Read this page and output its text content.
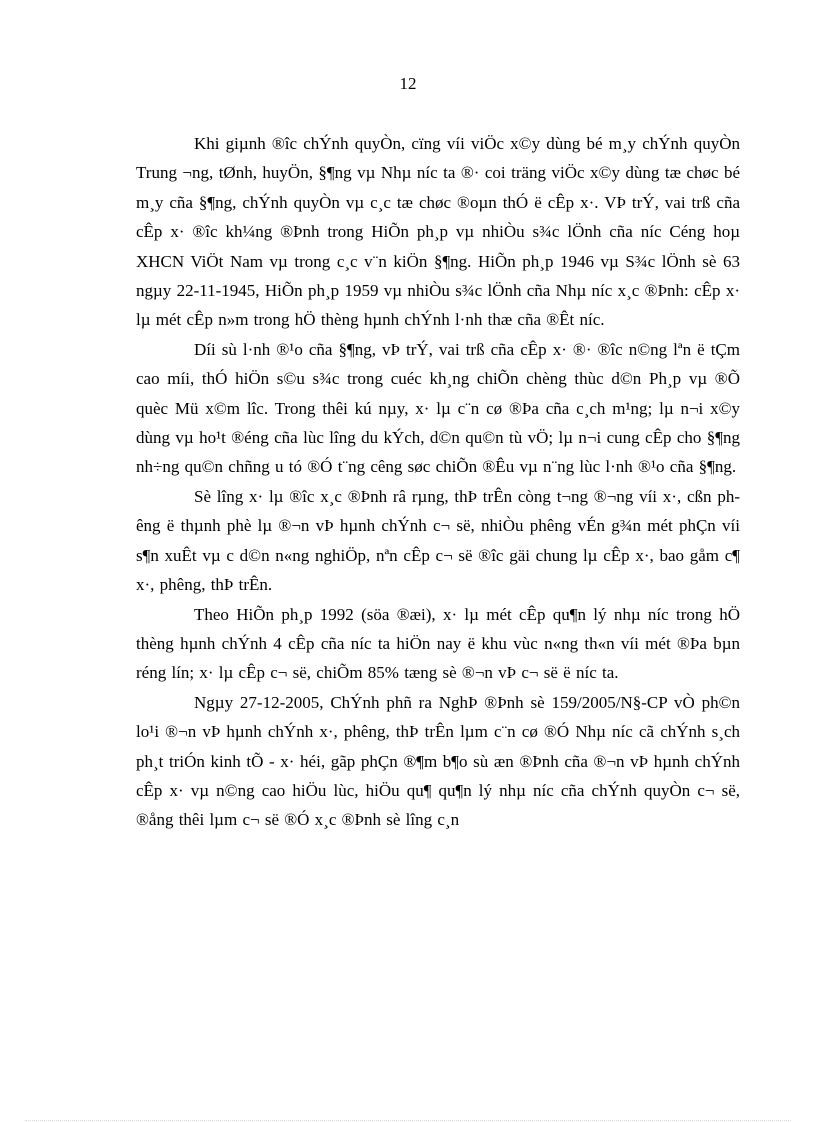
12

Khi giµnh ®îc chÝnh quyÒn, cïng víi viÖc x©y dùng bé m¸y chÝnh quyÒn Trung ¬ng, tØnh, huyÖn, §¶ng vµ Nhµ níc ta ®· coi träng viÖc x©y dùng tæ chøc bé m¸y cña §¶ng, chÝnh quyÒn vµ c¸c tæ chøc ®oµn thÓ ë cÊp x·. VÞ trÝ, vai trß cña cÊp x· ®îc kh¼ng ®Þnh trong HiÕn ph¸p vµ nhiÒu s¾c lÖnh cña níc Céng hoµ XHCN ViÖt Nam vµ trong c¸c v¨n kiÖn §¶ng. HiÕn ph¸p 1946 vµ S¾c lÖnh sè 63 ngµy 22-11-1945, HiÕn ph¸p 1959 vµ nhiÒu s¾c lÖnh cña Nhµ níc x¸c ®Þnh: cÊp x· lµ mét cÊp n»m trong hÖ thèng hµnh chÝnh l·nh thæ cña ®Êt níc.

Díi sù l·nh ®¹o cña §¶ng, vÞ trÝ, vai trß cña cÊp x· ®· ®îc n©ng lªn ë tÇm cao míi, thÓ hiÖn s©u s¾c trong cuéc kh¸ng chiÕn chèng thùc d©n Ph¸p vµ ®Õ quèc Mü x©m lîc. Trong thêi kú nµy, x· lµ c¨n cø ®Þa cña c¸ch m¹ng; lµ n¬i x©y dùng vµ ho¹t ®éng cña lùc lîng du kÝch, d©n qu©n tù vÖ; lµ n¬i cung cÊp cho §¶ng nh÷ng qu©n chñng u tó ®Ó t¨ng cêng søc chiÕn ®Êu vµ n¨ng lùc l·nh ®¹o cña §¶ng.

Sè lîng x· lµ ®îc x¸c ®Þnh râ rµng, thÞ trÊn còng t¬ng ®¬ng víi x·, cßn phêng ë thµnh phè lµ ®¬n vÞ hµnh chÝnh c¬ së, nhiÒu phêng vÉn g¾n mét phÇn víi s¶n xuÊt vµ c d©n n«ng nghiÖp, nªn cÊp c¬ së ®îc gäi chung lµ cÊp x·, bao gåm c¶ x·, phêng, thÞ trÊn.

Theo HiÕn ph¸p 1992 (söa ®æi), x· lµ mét cÊp qu¶n lý nhµ níc trong hÖ thèng hµnh chÝnh 4 cÊp cña níc ta hiÖn nay ë khu vùc n«ng th«n víi mét ®Þa bµn réng lín; x· lµ cÊp c¬ së, chiÕm 85% tæng sè ®¬n vÞ c¬ së ë níc ta.

Ngµy 27-12-2005, ChÝnh phñ ra NghÞ ®Þnh sè 159/2005/N§-CP vÒ ph©n lo¹i ®¬n vÞ hµnh chÝnh x·, phêng, thÞ trÊn lµm c¨n cø ®Ó Nhµ níc cã chÝnh s¸ch ph¸t triÓn kinh tÕ - x· héi, gãp phÇn ®¶m b¶o sù æn ®Þnh cña ®¬n vÞ hµnh chÝnh cÊp x· vµ n©ng cao hiÖu lùc, hiÖu qu¶ qu¶n lý nhµ níc cña chÝnh quyÒn c¬ së, ®ång thêi lµm c¬ së ®Ó x¸c ®Þnh sè lîng c¸n
